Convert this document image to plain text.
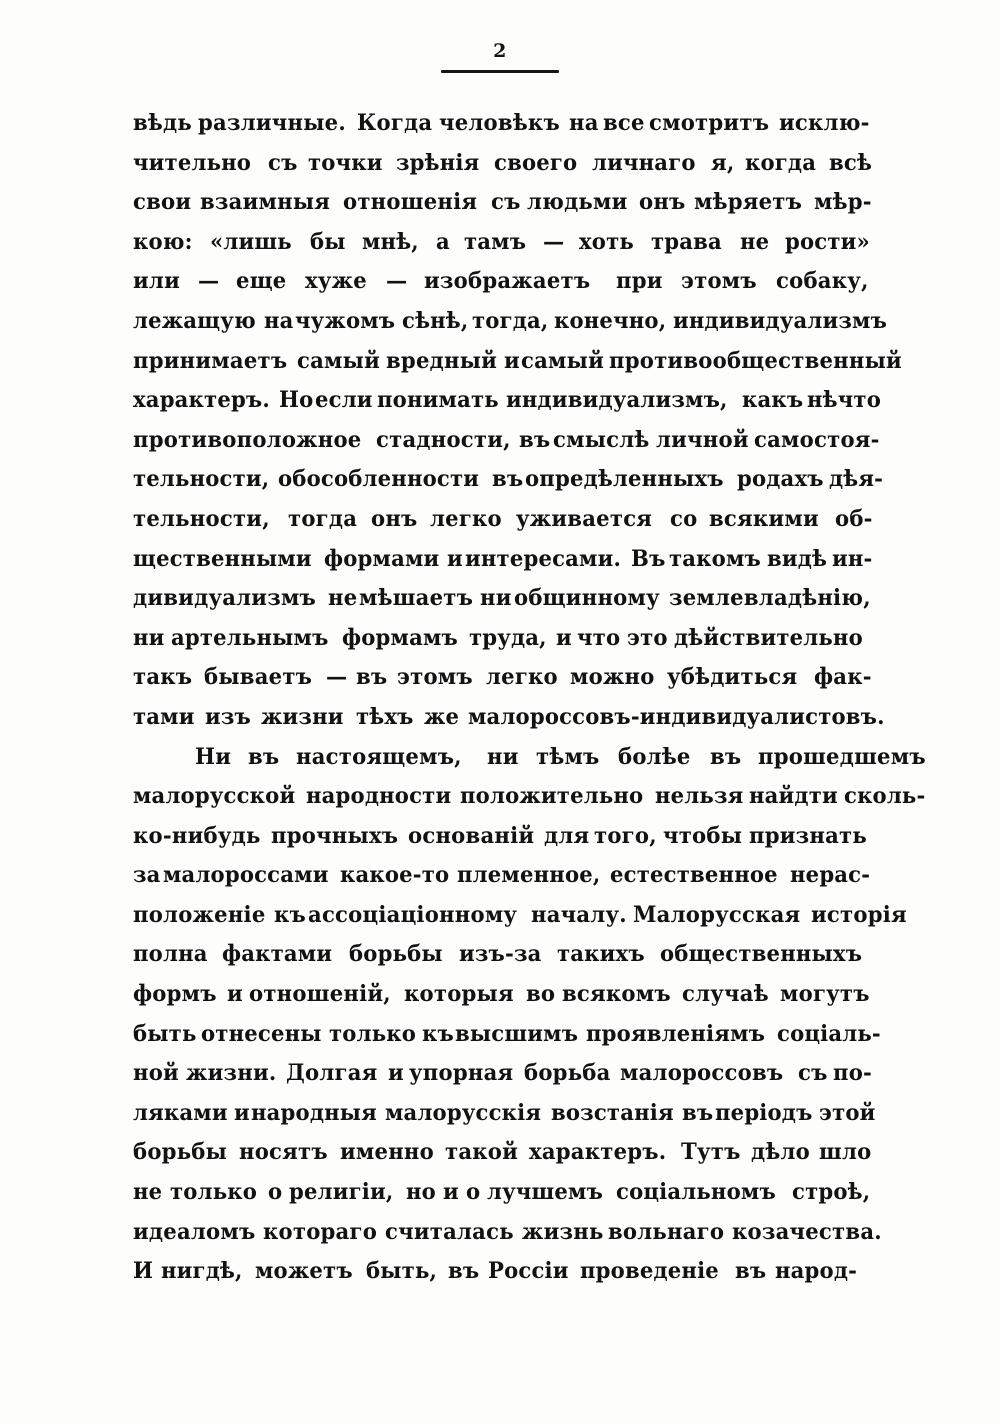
2
вѣдь различные. Когда человѣкъ на все смотритъ исклю-
чительно съ точки зрѣнія своего личнаго я, когда всѣ
свои взаимныя отношенія съ людьми онъ мѣряетъ мѣр-
кою: «лишь бы мнѣ, а тамъ — хоть трава не рости»
или — еще хуже — изображаетъ при этомъ собаку,
лежащую на чужомъ сѣнѣ, тогда, конечно, индивидуализмъ
принимаетъ самый вредный и самый противообщественный
характеръ. Но если понимать индивидуализмъ, какъ нѣчто
противоположное стадности, въ смыслѣ личной самостоя-
тельности, обособленности въ опредѣленныхъ родахъ дѣя-
тельности, тогда онъ легко уживается со всякими об-
щественными формами и интересами. Въ такомъ видѣ ин-
дивидуализмъ не мѣшаетъ ни общинному землевладѣнію,
ни артельнымъ формамъ труда, и что это дѣйствительно
такъ бываетъ — въ этомъ легко можно убѣдиться фак-
тами изъ жизни тѣхъ же малороссовъ-индивидуалистовъ.
Ни въ настоящемъ, ни тѣмъ болѣе въ прошедшемъ
малорусской народности положительно нельзя найдти сколь-
ко-нибудь прочныхъ основаній для того, чтобы признать
за малороссами какое-то племенное, естественное нерас-
положеніе къ ассоціаціонному началу. Малорусская исторія
полна фактами борьбы изъ-за такихъ общественныхъ
формъ и отношеній, которыя во всякомъ случаѣ могутъ
быть отнесены только къ высшимъ проявленіямъ соціаль-
ной жизни. Долгая и упорная борьба малороссовъ съ по-
ляками и народныя малорусскія возстанія въ періодъ этой
борьбы носятъ именно такой характеръ. Тутъ дѣло шло
не только о религіи, но и о лучшемъ соціальномъ строѣ,
идеаломъ котораго считалась жизнь вольнаго козачества.
И нигдѣ, можетъ быть, въ Россіи проведеніе въ народ-
